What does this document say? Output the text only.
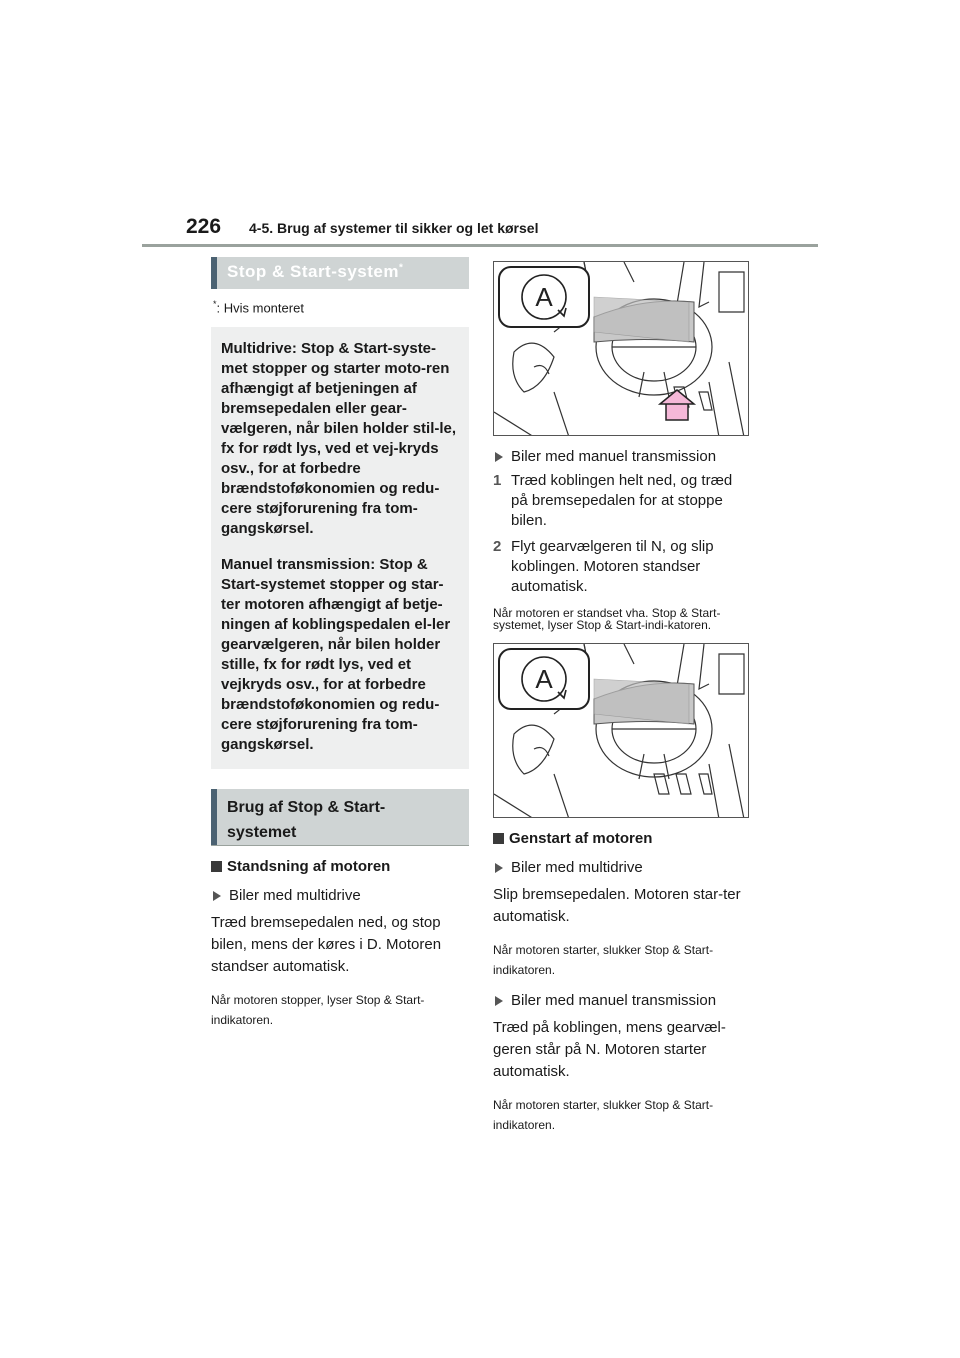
226 4-5. Brug af systemer til sikker og let kørsel
Stop & Start-system*
*: Hvis monteret

Multidrive: Stop & Start-syste-met stopper og starter moto-ren afhængigt af betjeningen af bremsepedalen eller gear-vælgeren, når bilen holder stil-le, fx for rødt lys, ved et vej-kryds osv., for at forbedre brændstoføkonomien og redu-cere støjforurening fra tom-gangskørsel.

Manuel transmission: Stop & Start-systemet stopper og star-ter motoren afhængigt af betje-ningen af koblingspedalen el-ler gearvælgeren, når bilen holder stille, fx for rødt lys, ved et vejkryds osv., for at forbedre brændstoføkonomien og redu-cere støjforurening fra tom-gangskørsel.

Brug af Stop & Start-
systemet
Standsning af motoren
Biler med multidrive
Træd bremsepedalen ned, og stop bilen, mens der køres i D. Motoren standser automatisk.
Når motoren stopper, lyser Stop & Start-indikatoren.
A
Biler med manuel transmission
1 Træd koblingen helt ned, og træd på bremsepedalen for at stoppe bilen.
2 Flyt gearvælgeren til N, og slip koblingen. Motoren standser automatisk.
Når motoren er standset vha. Stop & Start-systemet, lyser Stop & Start-indi-katoren.
A
Genstart af motoren
Biler med multidrive
Slip bremsepedalen. Motoren star-ter automatisk.
Når motoren starter, slukker Stop & Start-indikatoren.
Biler med manuel transmission
Træd på koblingen, mens gearvæl-geren står på N. Motoren starter automatisk.
Når motoren starter, slukker Stop & Start-indikatoren.
